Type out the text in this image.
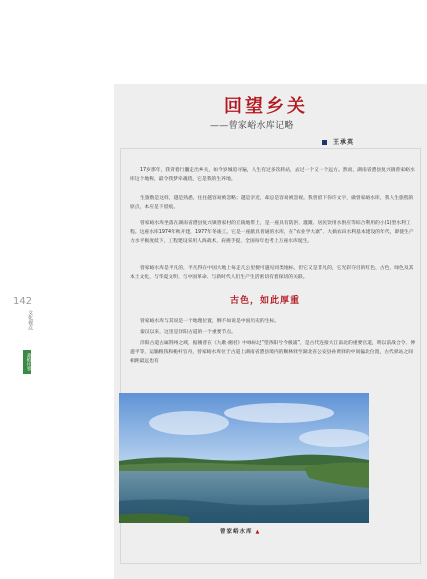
回望乡关
——曾家峪水库记略
王承英

17岁那年，我背着行囊走出乡关，如今岁城追寻遍，人生有过多次转站，去过一个又一个远方。然而，湖南省澧县复兴镇曾家峪水库这个地称，最令我梦牵魂绕，它是我的生养地。

生旅数是这样，越是熟悉，往往越容易被忽略；越是亲近，却总是容易被忽视。我曾留下你许文字，做曾家峪水库，我人生旅程的原点，本应是下留痕。

曾家峪水库坐落在湖南省澧县复兴镇曾家村的丘陵地带上，是一座具有防洪、灌溉、居民饮用水供应等综合利用的小(1)型水利工程。这座水库1974年秋开建，1977年冬竣工。它是一座献具普通的水库，在“农业学大寨”、大搞农田水利基本建设的年代，即使生产力水平极度低下，工程建设采用人海战术，肩挑手提，全国每年也考上万座水库诞生。

曾家峪水库是平凡的，平凡得在中国大地上每走几公里便可遇见同类地标，但它又是非凡的，它光彩夺目的红色、古色、绿色及其本土文化，与华夏文明、与中国革命、与新时代人们生产生活密切有着探切的关联。

古色，如此厚重

曾家峪水库与其说是一个地理位置，倒不如说是中国历史的生标。

秦汉以来，这里是洋阳古道的一个重要节点。

洋阳古道古属荆州之域，据刚普在《九歌·湘君》中咏标过“望涔阳兮今极浦”，是古代连接大江南北的重要官道，明以前战合令、伸递平等，运输粮钱和桅杆官舟，曾家峪水库位于古道上湖南省澧县境内的顺林驿至湖北省公安县孙黄驿的中间偏北位置，古代驿站之间相距最远也有

曾家峪水库 ▲
142
文化视点
桑植往事
